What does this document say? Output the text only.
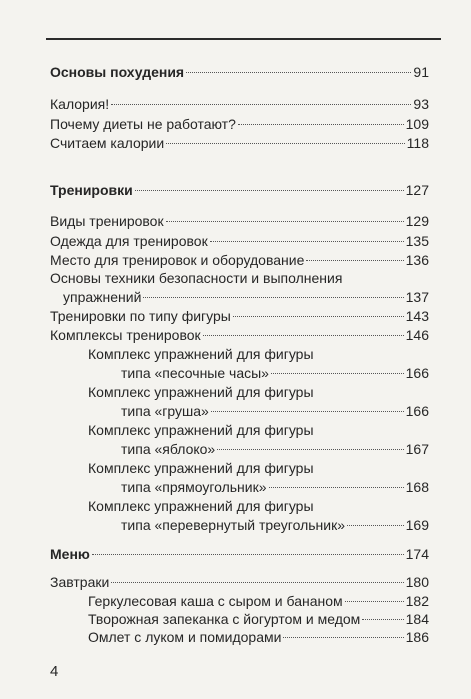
Основы похудения	91
Калория!	93
Почему диеты не работают?	109
Считаем калории	118
Тренировки	127
Виды тренировок	129
Одежда для тренировок	135
Место для тренировок и оборудование	136
Основы техники безопасности и выполнения
упражнений	137
Тренировки по типу фигуры	143
Комплексы тренировок	146
Комплекс упражнений для фигуры
типа «песочные часы»	166
Комплекс упражнений для фигуры
типа «груша»	166
Комплекс упражнений для фигуры
типа «яблоко»	167
Комплекс упражнений для фигуры
типа «прямоугольник»	168
Комплекс упражнений для фигуры
типа «перевернутый треугольник»	169
Меню	174
Завтраки	180
Геркулесовая каша с сыром и бананом	182
Творожная запеканка с йогуртом и медом	184
Омлет с луком и помидорами	186
4
